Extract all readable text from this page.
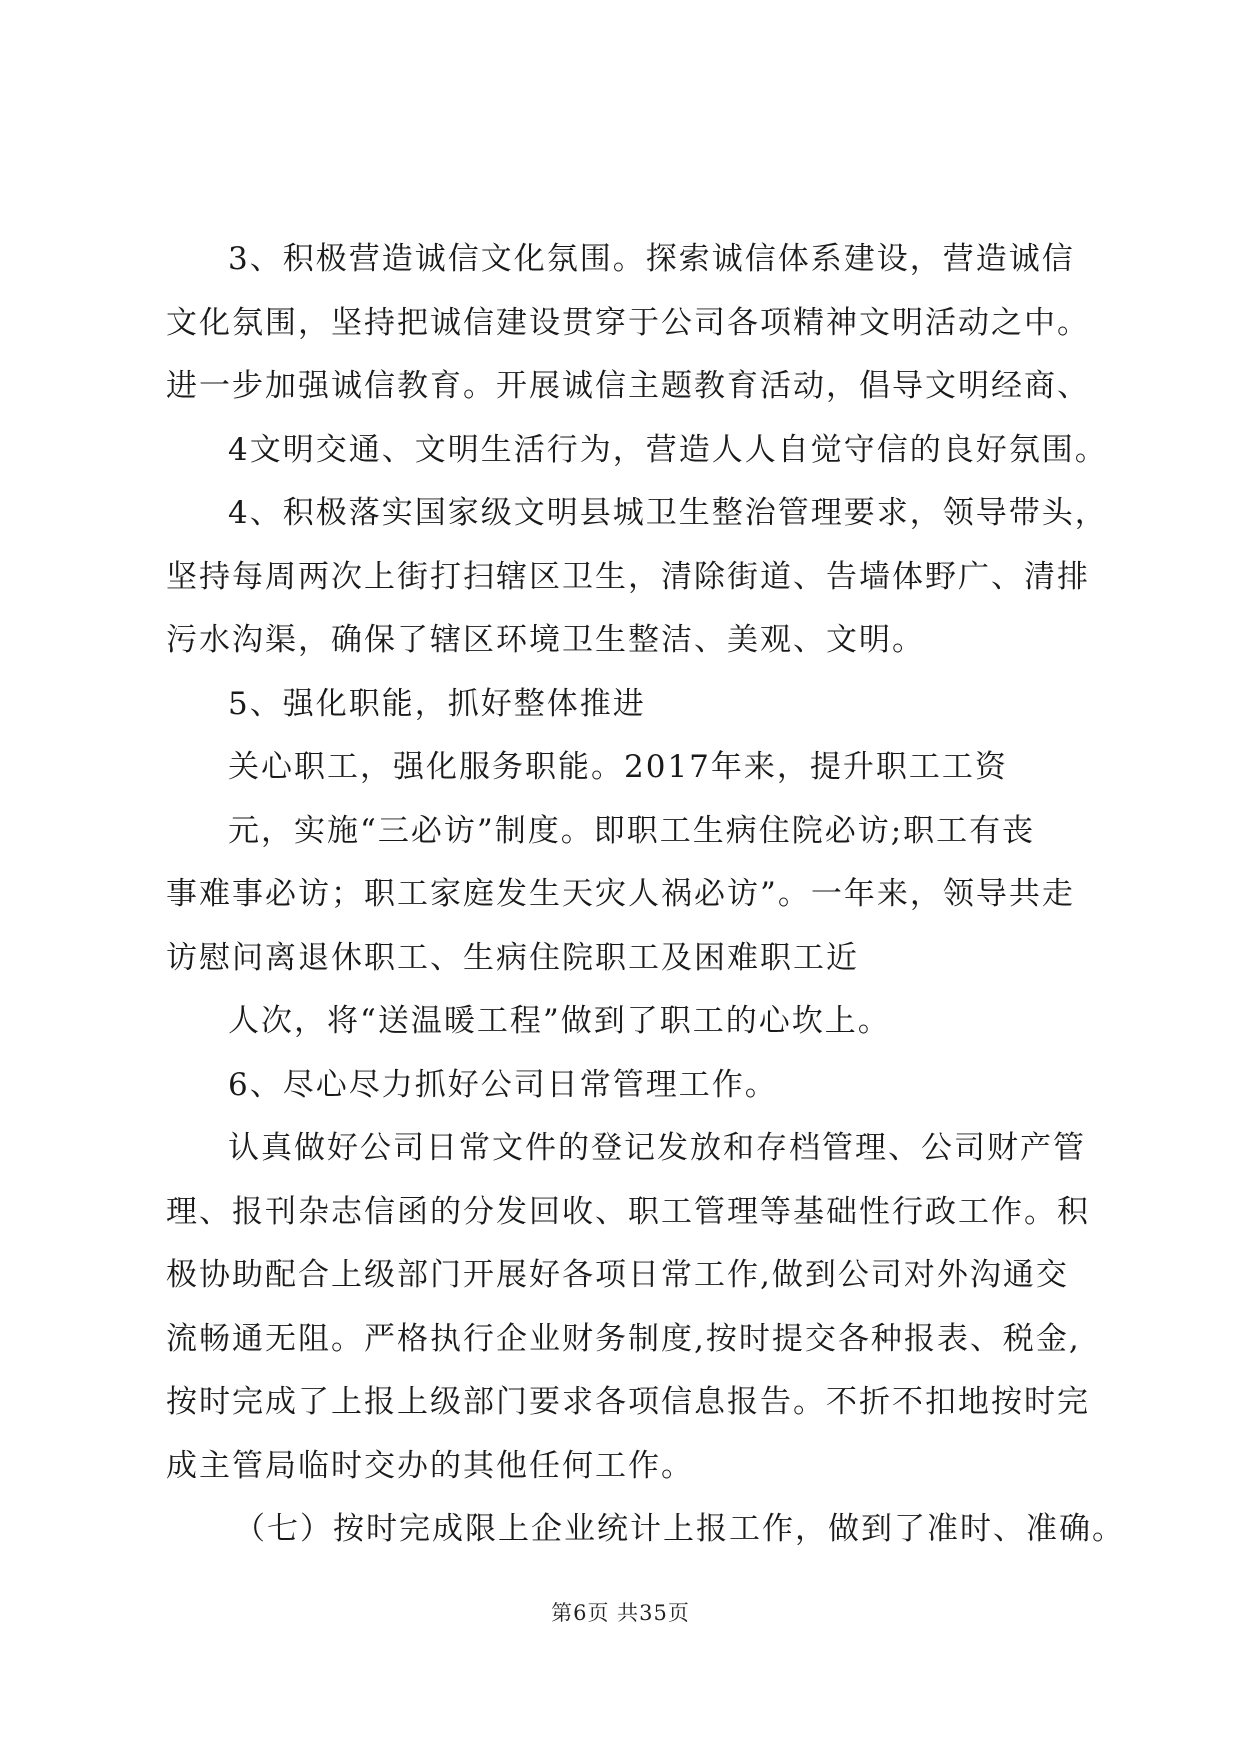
3、积极营造诚信文化氛围。探索诚信体系建设，营造诚信
文化氛围，坚持把诚信建设贯穿于公司各项精神文明活动之中。
进一步加强诚信教育。开展诚信主题教育活动，倡导文明经商、
4文明交通、文明生活行为，营造人人自觉守信的良好氛围。
4、积极落实国家级文明县城卫生整治管理要求，领导带头，
坚持每周两次上街打扫辖区卫生，清除街道、告墙体野广、清排
污水沟渠，确保了辖区环境卫生整洁、美观、文明。
5、强化职能，抓好整体推进
关心职工，强化服务职能。2017年来，提升职工工资
元，实施“三必访”制度。即职工生病住院必访;职工有丧
事难事必访；职工家庭发生天灾人祸必访”。一年来，领导共走
访慰问离退休职工、生病住院职工及困难职工近
人次，将“送温暖工程”做到了职工的心坎上。
6、尽心尽力抓好公司日常管理工作。
认真做好公司日常文件的登记发放和存档管理、公司财产管
理、报刊杂志信函的分发回收、职工管理等基础性行政工作。积
极协助配合上级部门开展好各项日常工作,做到公司对外沟通交
流畅通无阻。严格执行企业财务制度,按时提交各种报表、税金,
按时完成了上报上级部门要求各项信息报告。不折不扣地按时完
成主管局临时交办的其他任何工作。
（七）按时完成限上企业统计上报工作，做到了准时、准确。
第6页 共35页
